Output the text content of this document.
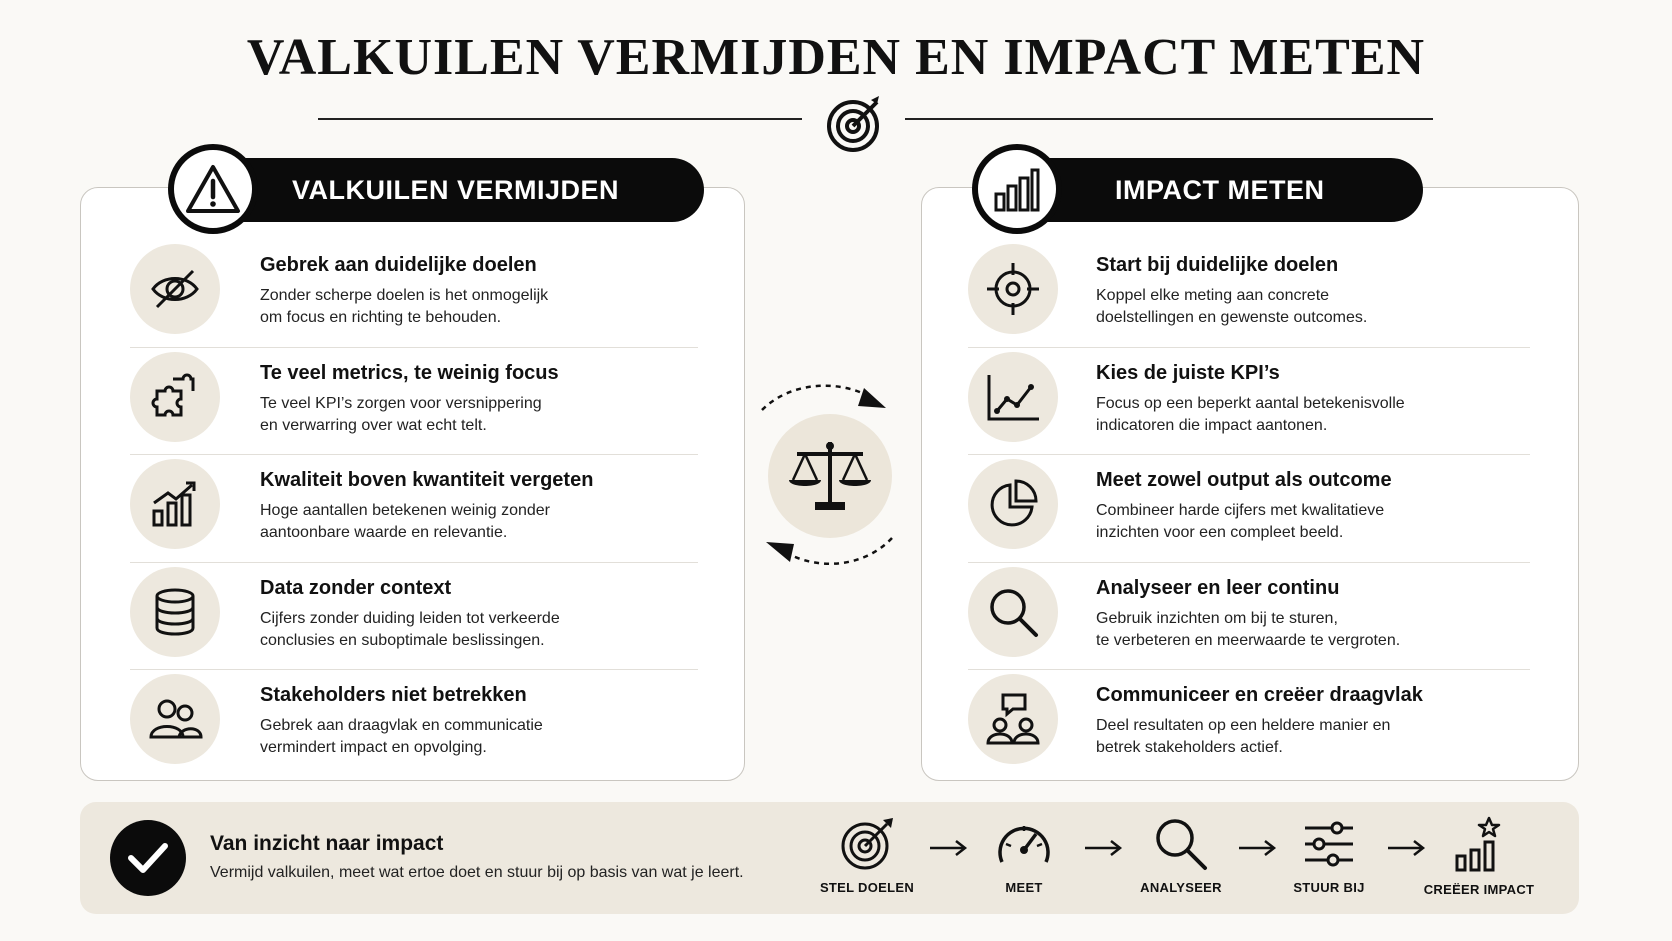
VALKUILEN VERMIJDEN EN IMPACT METEN
VALKUILEN VERMIJDEN
Gebrek aan duidelijke doelen
Zonder scherpe doelen is het onmogelijk
om focus en richting te behouden.
Te veel metrics, te weinig focus
Te veel KPI’s zorgen voor versnippering
en verwarring over wat echt telt.
Kwaliteit boven kwantiteit vergeten
Hoge aantallen betekenen weinig zonder
aantoonbare waarde en relevantie.
Data zonder context
Cijfers zonder duiding leiden tot verkeerde
conclusies en suboptimale beslissingen.
Stakeholders niet betrekken
Gebrek aan draagvlak en communicatie
vermindert impact en opvolging.
IMPACT METEN
Start bij duidelijke doelen
Koppel elke meting aan concrete
doelstellingen en gewenste outcomes.
Kies de juiste KPI’s
Focus op een beperkt aantal betekenisvolle
indicatoren die impact aantonen.
Meet zowel output als outcome
Combineer harde cijfers met kwalitatieve
inzichten voor een compleet beeld.
Analyseer en leer continu
Gebruik inzichten om bij te sturen,
te verbeteren en meerwaarde te vergroten.
Communiceer en creëer draagvlak
Deel resultaten op een heldere manier en
betrek stakeholders actief.
Van inzicht naar impact
Vermijd valkuilen, meet wat ertoe doet en stuur bij op basis van wat je leert.
STEL DOELEN	MEET	ANALYSEER	STUUR BIJ	CREËER IMPACT
